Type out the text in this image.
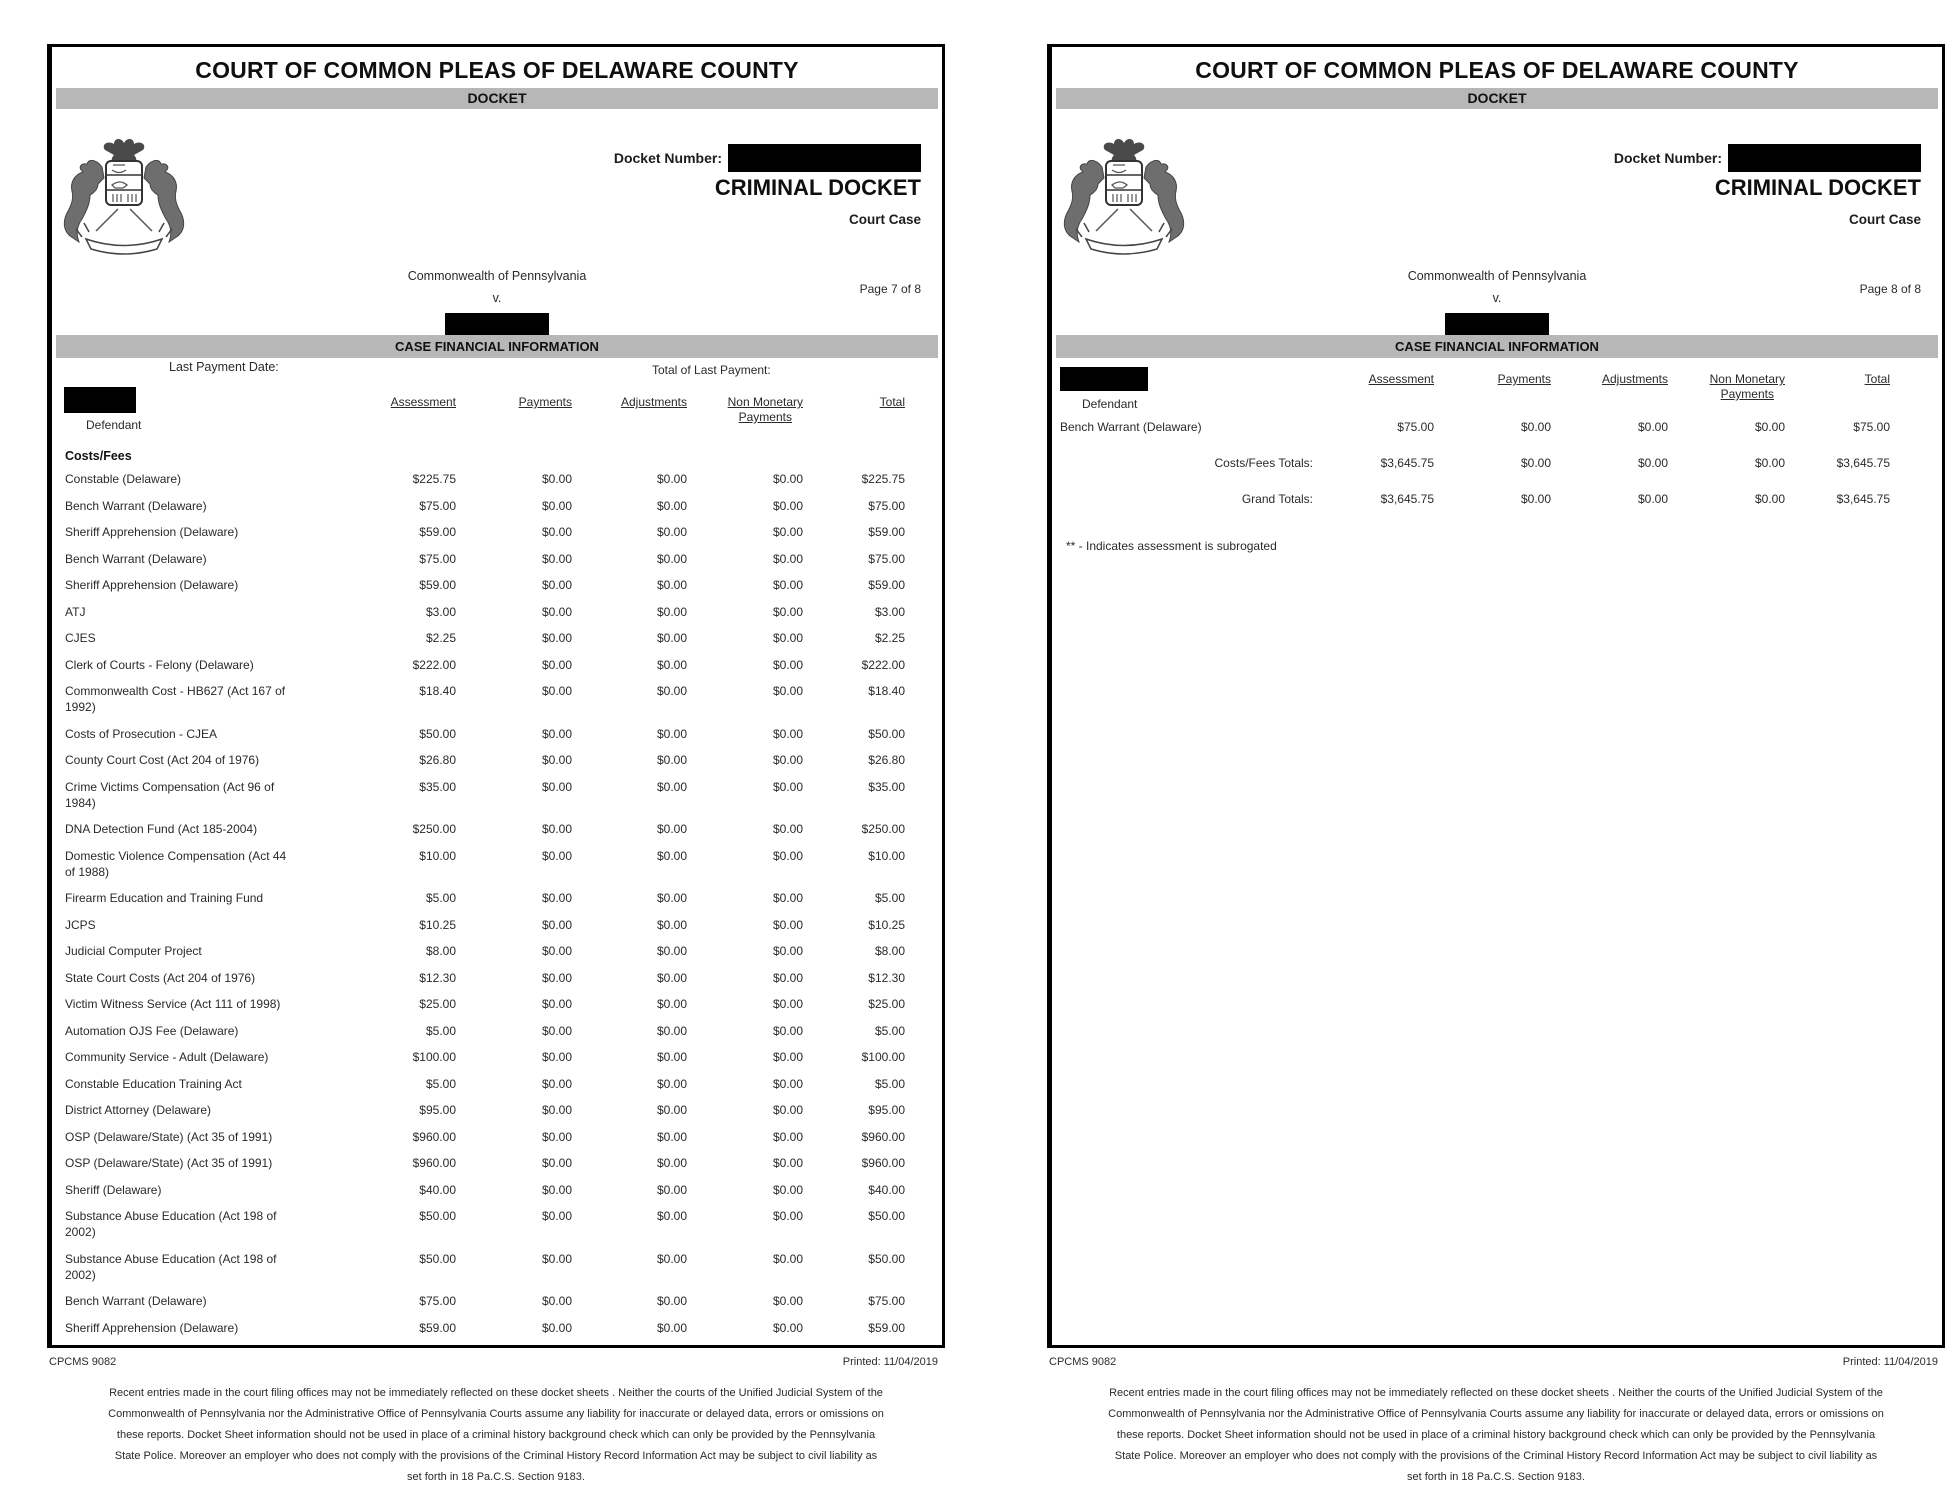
COURT OF COMMON PLEAS OF DELAWARE COUNTY
DOCKET
Docket Number:
CRIMINAL DOCKET
Court Case
Page 7 of 8
Commonwealth of Pennsylvania
v.
CASE FINANCIAL INFORMATION
Last Payment Date:	Total of Last Payment:
Defendant
Assessment	Payments	Adjustments	Non Monetary
Payments
Total
Costs/Fees
Constable (Delaware)	$225.75	$0.00	$0.00	$0.00	$225.75
Bench Warrant (Delaware)	$75.00	$0.00	$0.00	$0.00	$75.00
Sheriff Apprehension (Delaware)	$59.00	$0.00	$0.00	$0.00	$59.00
Bench Warrant (Delaware)	$75.00	$0.00	$0.00	$0.00	$75.00
Sheriff Apprehension (Delaware)	$59.00	$0.00	$0.00	$0.00	$59.00
ATJ	$3.00	$0.00	$0.00	$0.00	$3.00
CJES	$2.25	$0.00	$0.00	$0.00	$2.25
Clerk of Courts - Felony (Delaware)	$222.00	$0.00	$0.00	$0.00	$222.00
Commonwealth Cost - HB627 (Act 167 of 1992)
$18.40	$0.00	$0.00	$0.00	$18.40
Costs of Prosecution - CJEA	$50.00	$0.00	$0.00	$0.00	$50.00
County Court Cost (Act 204 of 1976)	$26.80	$0.00	$0.00	$0.00	$26.80
Crime Victims Compensation (Act 96 of 1984)
$35.00	$0.00	$0.00	$0.00	$35.00
DNA Detection Fund (Act 185-2004)	$250.00	$0.00	$0.00	$0.00	$250.00
Domestic Violence Compensation (Act 44 of 1988)
$10.00	$0.00	$0.00	$0.00	$10.00
Firearm Education and Training Fund	$5.00	$0.00	$0.00	$0.00	$5.00
JCPS	$10.25	$0.00	$0.00	$0.00	$10.25
Judicial Computer Project	$8.00	$0.00	$0.00	$0.00	$8.00
State Court Costs (Act 204 of 1976)	$12.30	$0.00	$0.00	$0.00	$12.30
Victim Witness Service (Act 111 of 1998)	$25.00	$0.00	$0.00	$0.00	$25.00
Automation OJS Fee (Delaware)	$5.00	$0.00	$0.00	$0.00	$5.00
Community Service - Adult (Delaware)	$100.00	$0.00	$0.00	$0.00	$100.00
Constable Education Training Act	$5.00	$0.00	$0.00	$0.00	$5.00
District Attorney (Delaware)	$95.00	$0.00	$0.00	$0.00	$95.00
OSP (Delaware/State) (Act 35 of 1991)	$960.00	$0.00	$0.00	$0.00	$960.00
OSP (Delaware/State) (Act 35 of 1991)	$960.00	$0.00	$0.00	$0.00	$960.00
Sheriff (Delaware)	$40.00	$0.00	$0.00	$0.00	$40.00
Substance Abuse Education (Act 198 of 2002)
$50.00	$0.00	$0.00	$0.00	$50.00
Substance Abuse Education (Act 198 of 2002)
$50.00	$0.00	$0.00	$0.00	$50.00
Bench Warrant (Delaware)	$75.00	$0.00	$0.00	$0.00	$75.00
Sheriff Apprehension (Delaware)	$59.00	$0.00	$0.00	$0.00	$59.00
COURT OF COMMON PLEAS OF DELAWARE COUNTY
DOCKET
Docket Number:
CRIMINAL DOCKET
Court Case
Page 8 of 8
Commonwealth of Pennsylvania
v.
CASE FINANCIAL INFORMATION
Defendant
Assessment	Payments	Adjustments	Non Monetary
Payments
Total
Bench Warrant (Delaware)	$75.00	$0.00	$0.00	$0.00	$75.00
Costs/Fees Totals:	$3,645.75	$0.00	$0.00	$0.00	$3,645.75
Grand Totals:	$3,645.75	$0.00	$0.00	$0.00	$3,645.75
** - Indicates assessment is subrogated
CPCMS 9082	Printed: 11/04/2019	CPCMS 9082	Printed: 11/04/2019

Recent entries made in the court filing offices may not be immediately reflected on these docket sheets . Neither the courts of the Unified Judicial System of the Commonwealth of Pennsylvania nor the Administrative Office of Pennsylvania Courts assume any liability for inaccurate or delayed data, errors or omissions on these reports. Docket Sheet information should not be used in place of a criminal history background check which can only be provided by the Pennsylvania State Police. Moreover an employer who does not comply with the provisions of the Criminal History Record Information Act may be subject to civil liability as set forth in 18 Pa.C.S. Section 9183.

Recent entries made in the court filing offices may not be immediately reflected on these docket sheets . Neither the courts of the Unified Judicial System of the Commonwealth of Pennsylvania nor the Administrative Office of Pennsylvania Courts assume any liability for inaccurate or delayed data, errors or omissions on these reports. Docket Sheet information should not be used in place of a criminal history background check which can only be provided by the Pennsylvania State Police. Moreover an employer who does not comply with the provisions of the Criminal History Record Information Act may be subject to civil liability as set forth in 18 Pa.C.S. Section 9183.
